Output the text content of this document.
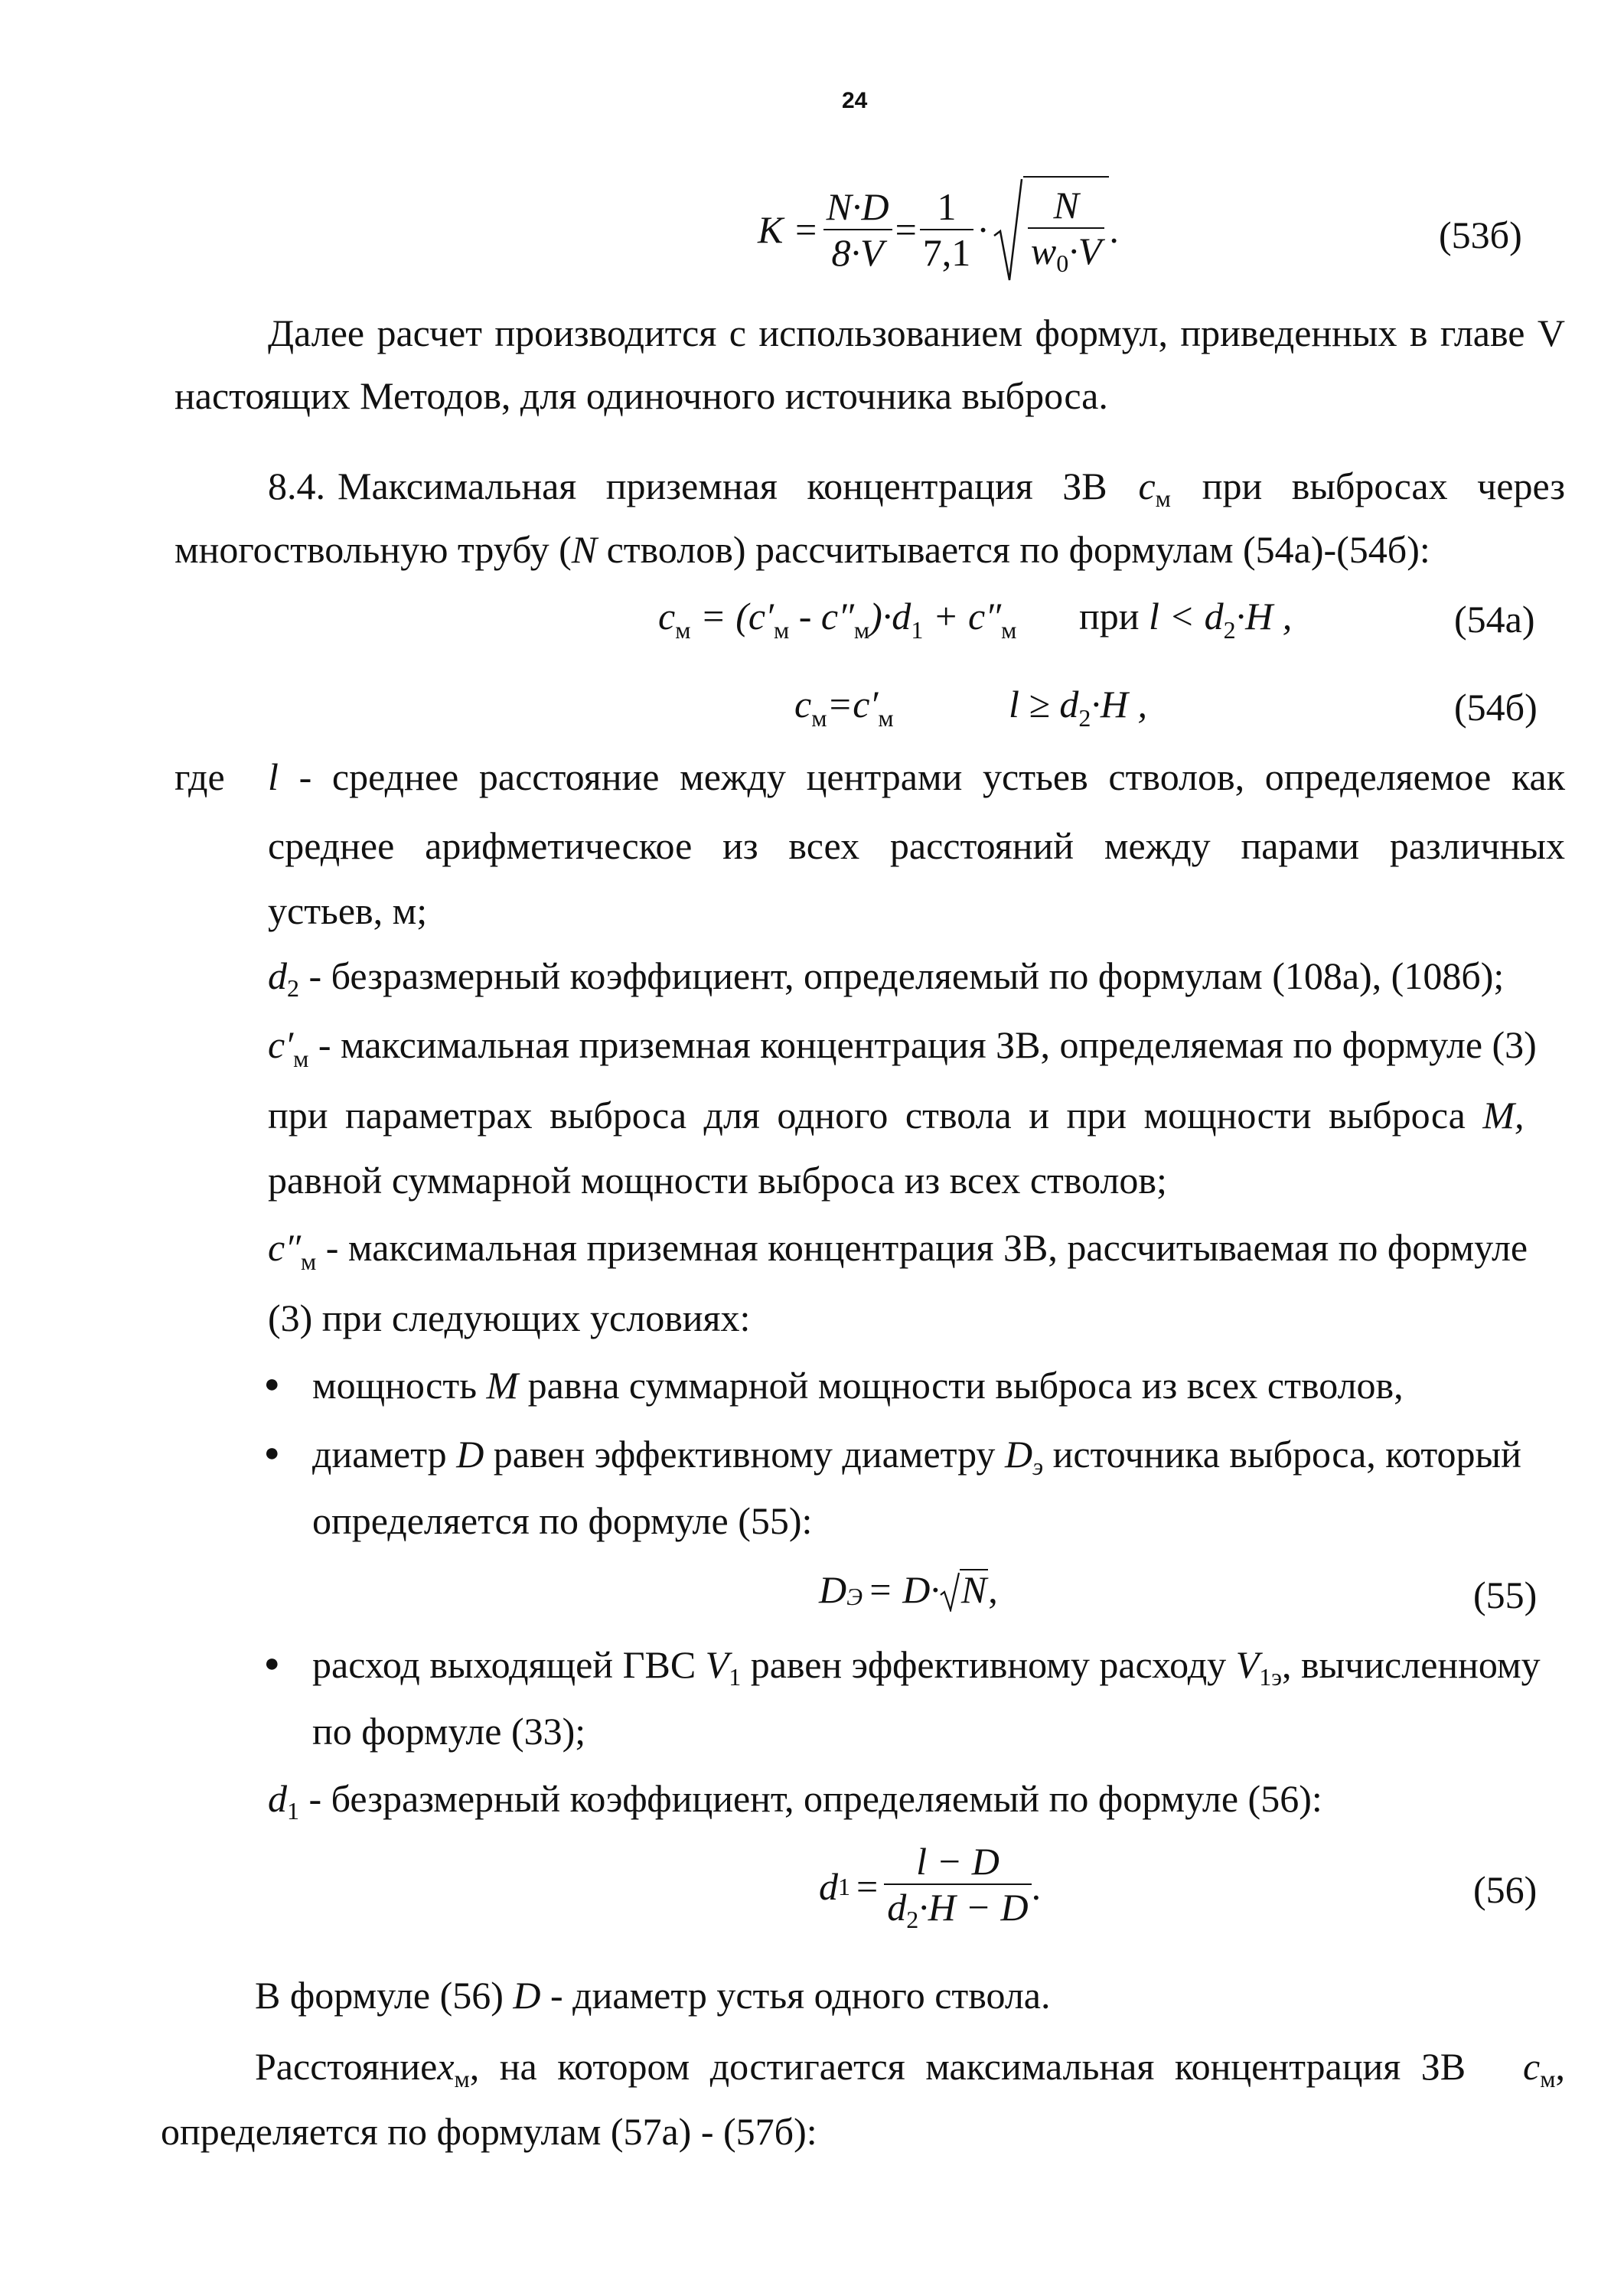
24
$K = \frac{N\cdot D}{8\cdot V} = \frac{1}{7,1} \cdot \frac{N}{w_0\cdot V}$ .	(53б)
Далее расчет производится с использованием формул, приведенных в главе V
настоящих Методов, для одиночного источника выброса.
8.4. Максимальная приземная концентрация ЗВ $c_м$ при выбросах через
многоствольную трубу (N стволов) рассчитывается по формулам (54а)-(54б):
$c_м = (c'_м - c''_м)\cdot d_1 + c''_м$ при $l < d_2\cdot H$ ,	(54а)
$c_м=c'_м$	$l \ge d_2\cdot H$ ,	(54б)
где l - среднее расстояние между центрами устьев стволов, определяемое как
среднее арифметическое из всех расстояний между парами различных
устьев, м;
$d_2$ - безразмерный коэффициент, определяемый по формулам (108а), (108б);
$c'_м$ - максимальная приземная концентрация ЗВ, определяемая по формуле (3)
при параметрах выброса для одного ствола и при мощности выброса M,
равной суммарной мощности выброса из всех стволов;
$c''_м$ - максимальная приземная концентрация ЗВ, рассчитываемая по формуле
(3) при следующих условиях:
● мощность M равна суммарной мощности выброса из всех стволов,
● диаметр D равен эффективному диаметру $D_э$ источника выброса, который
определяется по формуле (55):
D Э = D· N ,	(55)
● расход выходящей ГВС $V_1$ равен эффективному расходу $V_{1э}$, вычисленному
по формуле (33);
$d_1$ - безразмерный коэффициент, определяемый по формуле (56):
d $1 = \frac{l - D}{d_2\cdot H - D}$ .	(56)
В формуле (56) D - диаметр устья одного ствола.
Расстояние $x_м$ , на котором достигается максимальная концентрация ЗВ	$c_м$,
определяется по формулам (57а) - (57б):
